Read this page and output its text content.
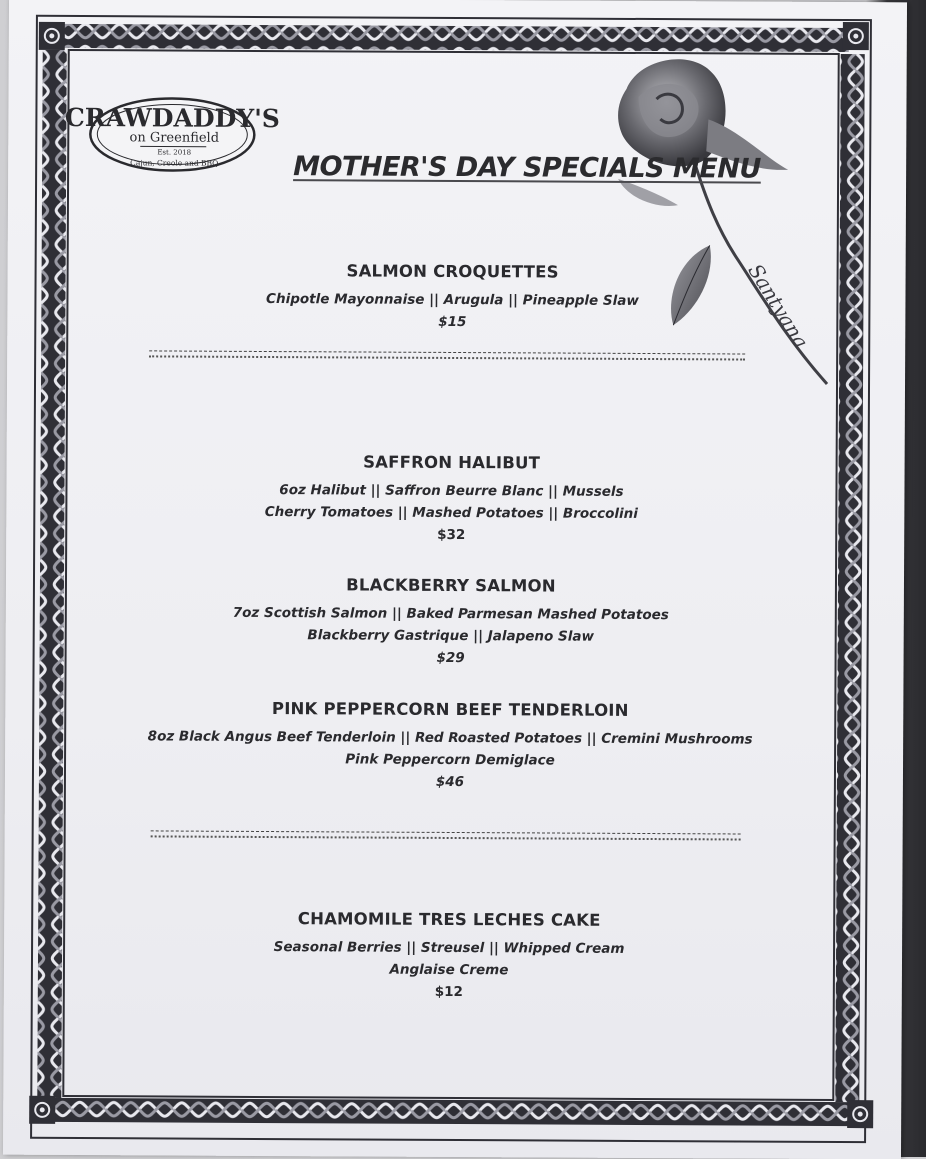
CRAWDADDY'S
on Greenfield
Est. 2018
Cajun, Creole and BBQ
Santyana
MOTHER'S DAY SPECIALS MENU
SALMON CROQUETTES
Chipotle Mayonnaise || Arugula || Pineapple Slaw
$15
SAFFRON HALIBUT
6oz Halibut || Saffron Beurre Blanc || Mussels
Cherry Tomatoes || Mashed Potatoes || Broccolini
$32
BLACKBERRY SALMON
7oz Scottish Salmon || Baked Parmesan Mashed Potatoes
Blackberry Gastrique || Jalapeno Slaw
$29
PINK PEPPERCORN BEEF TENDERLOIN
8oz Black Angus Beef Tenderloin || Red Roasted Potatoes || Cremini Mushrooms
Pink Peppercorn Demiglace
$46
CHAMOMILE TRES LECHES CAKE
Seasonal Berries || Streusel || Whipped Cream
Anglaise Creme
$12
